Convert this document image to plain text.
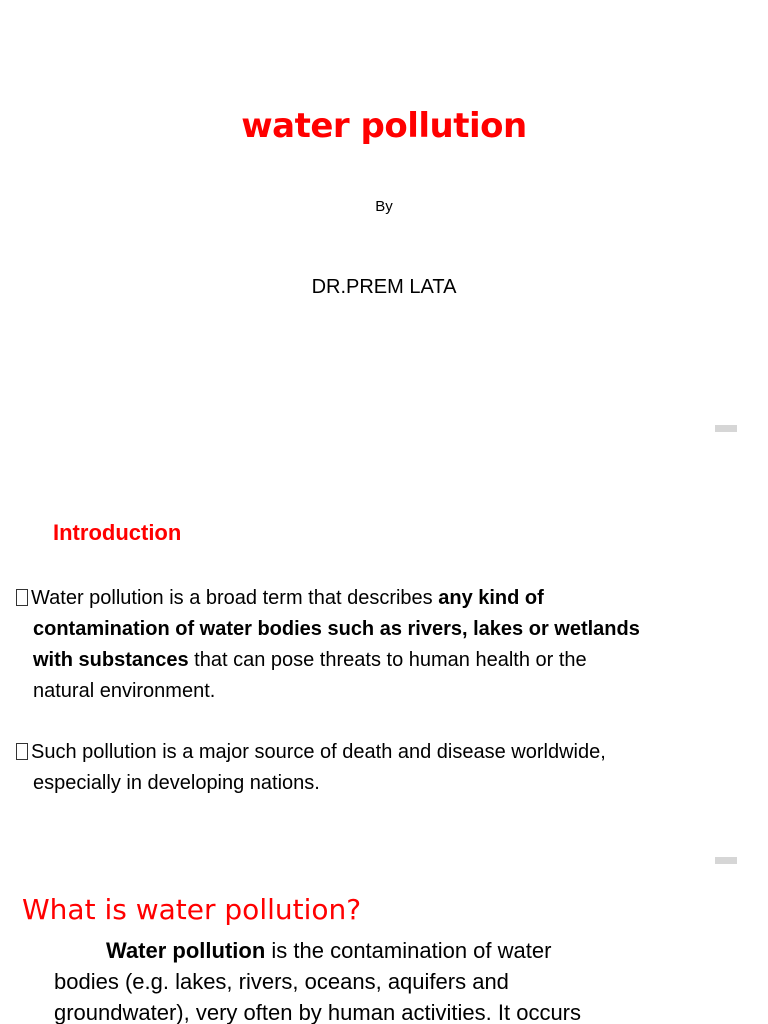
water pollution
By
DR.PREM LATA
Introduction
Water pollution is a broad term that describes any kind of
contamination of water bodies such as rivers, lakes or wetlands
with substances that can pose threats to human health or the
natural environment.
Such pollution is a major source of death and disease worldwide,
especially in developing nations.
What is water pollution?
Water pollution is the contamination of water
bodies (e.g. lakes, rivers, oceans, aquifers and
groundwater), very often by human activities. It occurs
